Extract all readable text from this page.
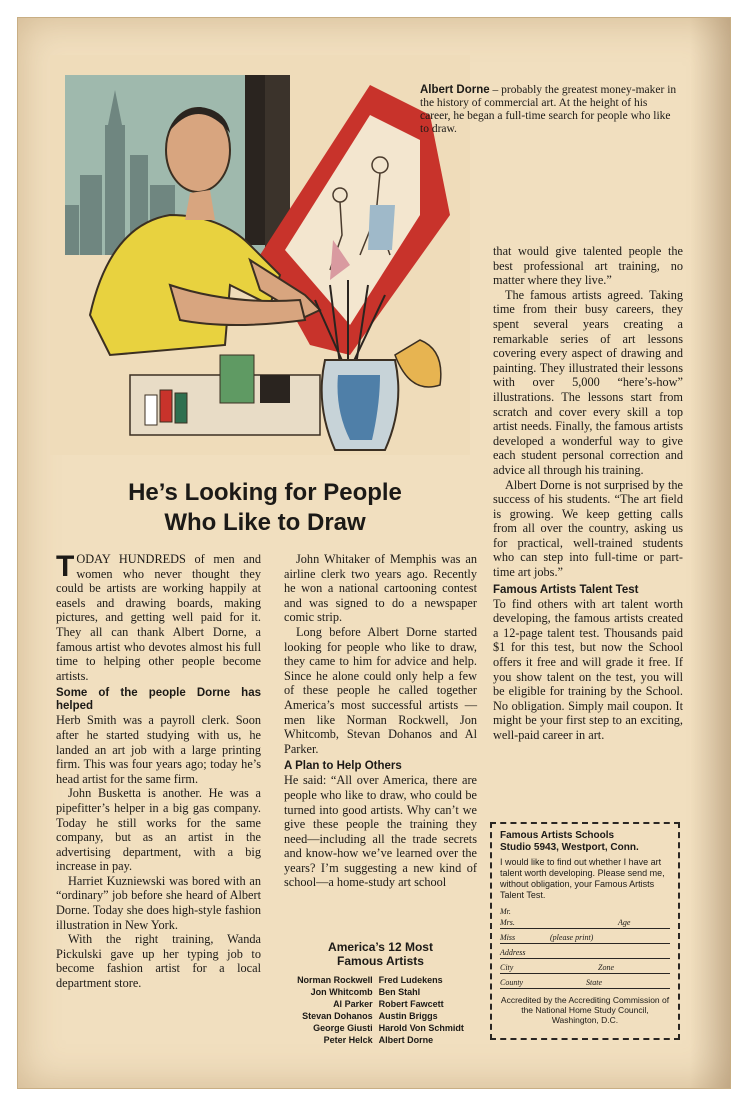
Albert Dorne – probably the greatest money-maker in the history of commercial art. At the height of his career, he began a full-time search for people who like to draw.
He’s Looking for People
Who Like to Draw

TODAY HUNDREDS of men and women who never thought they could be artists are working happily at easels and drawing boards, making pictures, and getting well paid for it. They all can thank Albert Dorne, a famous artist who devotes almost his full time to helping other people become artists.

Some of the people Dorne has helped

Herb Smith was a payroll clerk. Soon after he started studying with us, he landed an art job with a large printing firm. This was four years ago; today he’s head artist for the same firm.

John Busketta is another. He was a pipefitter’s helper in a big gas company. Today he still works for the same company, but as an artist in the advertising department, with a big increase in pay.

Harriet Kuzniewski was bored with an “ordinary” job before she heard of Albert Dorne. Today she does high-style fashion illustration in New York.

With the right training, Wanda Pickulski gave up her typing job to become fashion artist for a local department store.

John Whitaker of Memphis was an airline clerk two years ago. Recently he won a national cartooning contest and was signed to do a newspaper comic strip.

Long before Albert Dorne started looking for people who like to draw, they came to him for advice and help. Since he alone could only help a few of these people he called together America’s most successful artists —men like Norman Rockwell, Jon Whitcomb, Stevan Dohanos and Al Parker.

A Plan to Help Others

He said: “All over America, there are people who like to draw, who could be turned into good artists. Why can’t we give these people the training they need—including all the trade secrets and know-how we’ve learned over the years? I’m suggesting a new kind of school—a home-study art school

that would give talented people the best professional art training, no matter where they live.”

The famous artists agreed. Taking time from their busy careers, they spent several years creating a remarkable series of art lessons covering every aspect of drawing and painting. They illustrated their lessons with over 5,000 “here’s-how” illustrations. The lessons start from scratch and cover every skill a top artist needs. Finally, the famous artists developed a wonderful way to give each student personal correction and advice all through his training.

Albert Dorne is not surprised by the success of his students. “The art field is growing. We keep getting calls from all over the country, asking us for practical, well-trained students who can step into full-time or part-time art jobs.”

Famous Artists Talent Test

To find others with art talent worth developing, the famous artists created a 12-page talent test. Thousands paid $1 for this test, but now the School offers it free and will grade it free. If you show talent on the test, you will be eligible for training by the School. No obligation. Simply mail coupon. It might be your first step to an exciting, well-paid career in art.

America’s 12 Most
Famous Artists
Norman Rockwell	Fred Ludekens
Jon Whitcomb	Ben Stahl
Al Parker	Robert Fawcett
Stevan Dohanos	Austin Briggs
George Giusti	Harold Von Schmidt
Peter Helck	Albert Dorne
Famous Artists Schools
Studio 5943, Westport, Conn.
I would like to find out whether I have art talent worth developing. Please send me, without obligation, your Famous Artists Talent Test.
Mr.
Mrs.	Age
Miss	(please print)
Address
City	Zone
County	State
Accredited by the Accrediting Commission of the National Home Study Council, Washington, D.C.
